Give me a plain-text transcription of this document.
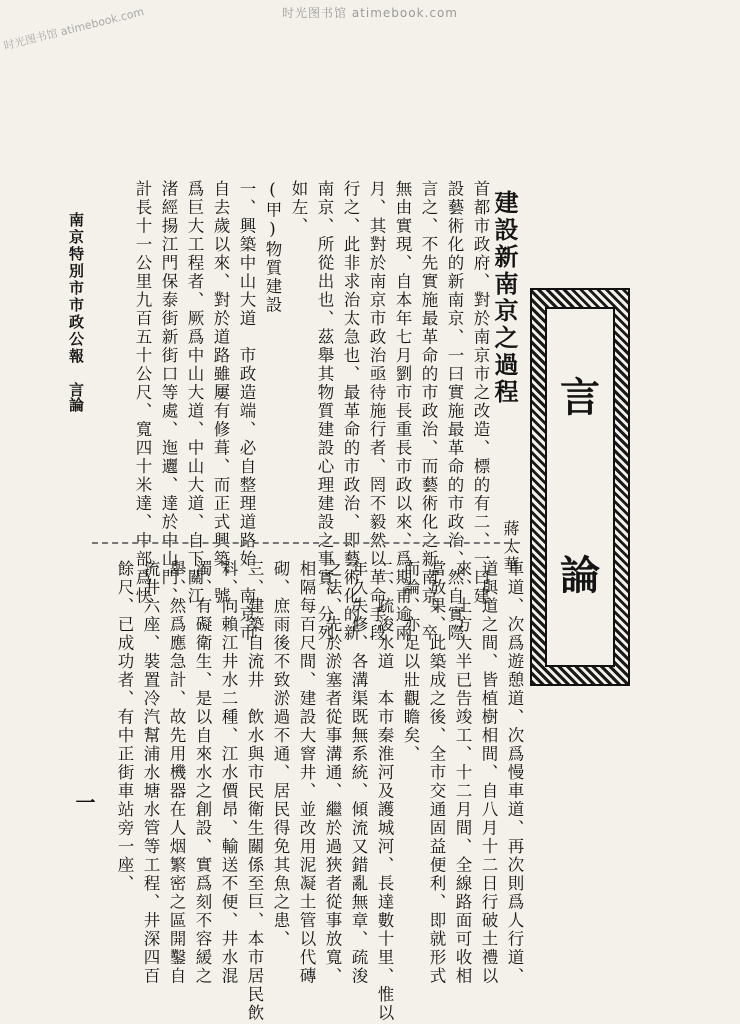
时光图书馆 atimebook.com
时光图书馆 atimebook.com
言
論
建設新南京之過程
蔣太華
首都市政府、對於南京市之改造、標的有二、一曰建
設藝術化的新南京、一曰實施最革命的市政治、然自實際
言之、不先實施最革命的市政治、而藝術化之新南京、卒
無由實現、自本年七月劉市長重長市政以來、爲期甫逾兩
月、其對於南京市政治亟待施行者、罔不毅然以革命手段
行之、此非求治太急也、最革命的市政治、即藝術化的新
南京、所從出也、茲舉其物質建設心理建設之事實、分列
如左、
(甲)物質建設
一、興築中山大道　市政造端、必自整理道路始、南京市
自去歲以來、對於道路雖屢有修葺、而正式興築、號
爲巨大工程者、厥爲中山大道、中山大道、自下關江
渚經揚江門保泰街新街口等處、迤邐、達於中山門、
計長十一公里九百五十公尺、寬四十米達、中部爲快
車道、次爲遊憩道、次爲慢車道、再次則爲人行道、
道與道之間、皆植樹相間、自八月十二日行破土禮以
來、土方大半已告竣工、十二月間、全線路面可收相
當放果、此築成之後、全市交通固益便利、即就形式
而論、亦足以壯觀瞻矣、
二、疏浚水道　本市秦淮河及護城河、長達數十里、惟以
年久失修、各溝渠既無系統、傾流又錯亂無章、疏浚
之法、先於淤塞者從事溝通、繼於過狹者從事放寬、
相隔每百尺間、建設大窨井、並改用泥凝土管以代磚
砌、庶雨後不致淤過不通、居民得免其魚之患、
三、建築自流井　飲水與市民衛生關係至巨、本市居民飲
料、向賴江井水二種、江水價昂、輸送不便、井水混
濁、有礙衛生、是以自來水之創設、實爲刻不容緩之
舉、然爲應急計、故先用機器在人烟繁密之區開鑿自
流井六座、裝置冷汽幫浦水塘水管等工程、井深四百
餘尺、已成功者、有中正街車站旁一座、
南京特別市市政公報
言論
一
